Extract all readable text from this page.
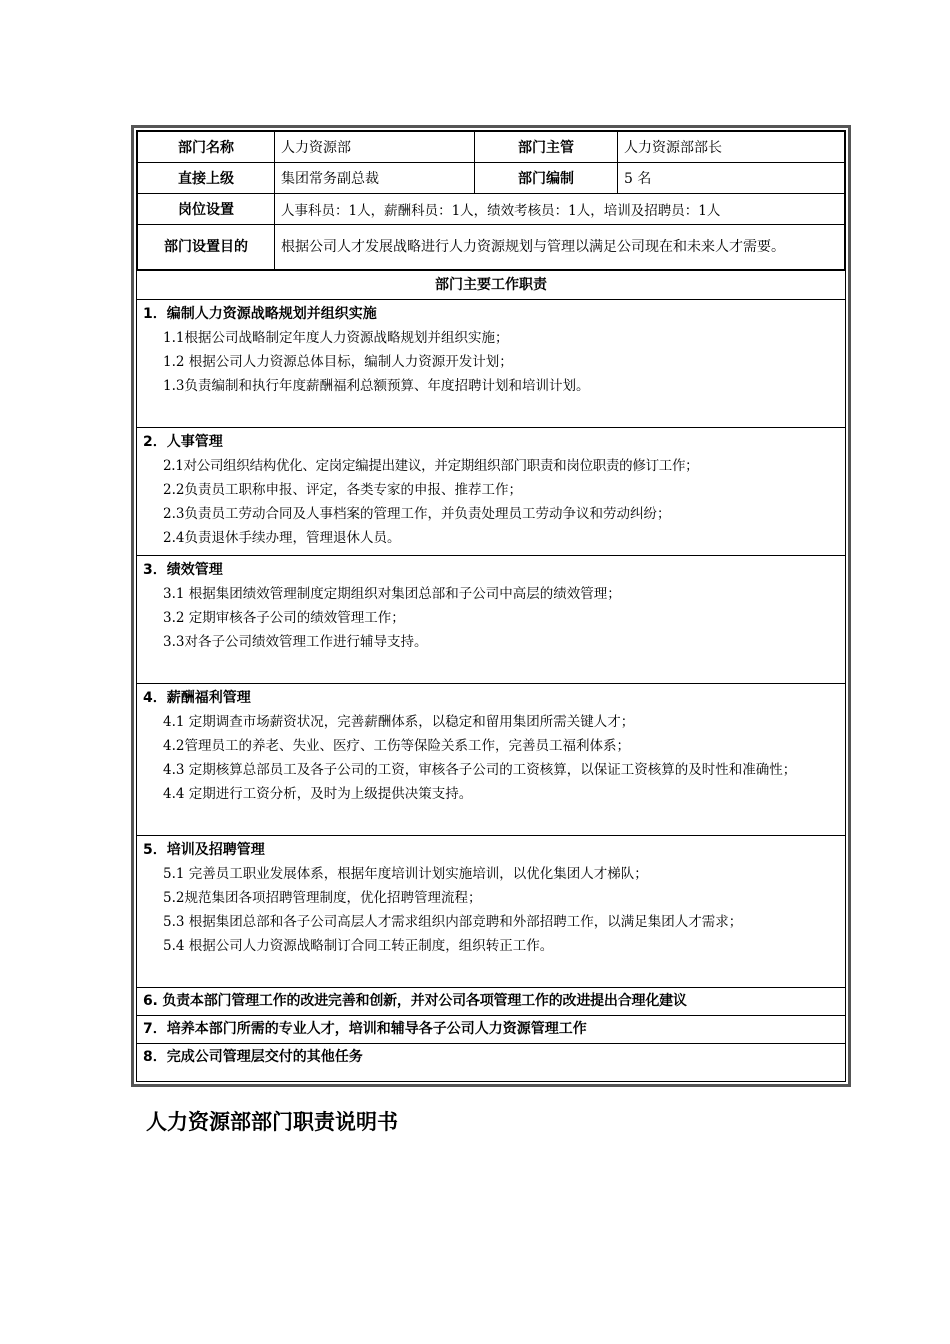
部门名称	人力资源部	部门主管	人力资源部部长
直接上级	集团常务副总裁	部门编制	5 名
岗位设置	人事科员：1人，薪酬科员：1人，绩效考核员：1人，培训及招聘员：1人		
部门设置目的	根据公司人才发展战略进行人力资源规划与管理以满足公司现在和未来人才需要。		
部门主要工作职责
1．编制人力资源战略规划并组织实施
1.1根据公司战略制定年度人力资源战略规划并组织实施；
1.2 根据公司人力资源总体目标，编制人力资源开发计划；
1.3负责编制和执行年度薪酬福利总额预算、年度招聘计划和培训计划。
2．人事管理
2.1对公司组织结构优化、定岗定编提出建议，并定期组织部门职责和岗位职责的修订工作；
2.2负责员工职称申报、评定，各类专家的申报、推荐工作；
2.3负责员工劳动合同及人事档案的管理工作，并负责处理员工劳动争议和劳动纠纷；
2.4负责退休手续办理，管理退休人员。
3．绩效管理
3.1 根据集团绩效管理制度定期组织对集团总部和子公司中高层的绩效管理；
3.2 定期审核各子公司的绩效管理工作；
3.3对各子公司绩效管理工作进行辅导支持。
4．薪酬福利管理
4.1 定期调查市场薪资状况，完善薪酬体系，以稳定和留用集团所需关键人才；
4.2管理员工的养老、失业、医疗、工伤等保险关系工作，完善员工福利体系；
4.3 定期核算总部员工及各子公司的工资，审核各子公司的工资核算，以保证工资核算的及时性和准确性；
4.4 定期进行工资分析，及时为上级提供决策支持。
5．培训及招聘管理
5.1 完善员工职业发展体系，根据年度培训计划实施培训，以优化集团人才梯队；
5.2规范集团各项招聘管理制度，优化招聘管理流程；
5.3 根据集团总部和各子公司高层人才需求组织内部竞聘和外部招聘工作，以满足集团人才需求；
5.4 根据公司人力资源战略制订合同工转正制度，组织转正工作。
6. 负责本部门管理工作的改进完善和创新，并对公司各项管理工作的改进提出合理化建议
7．培养本部门所需的专业人才，培训和辅导各子公司人力资源管理工作
8．完成公司管理层交付的其他任务
人力资源部部门职责说明书
